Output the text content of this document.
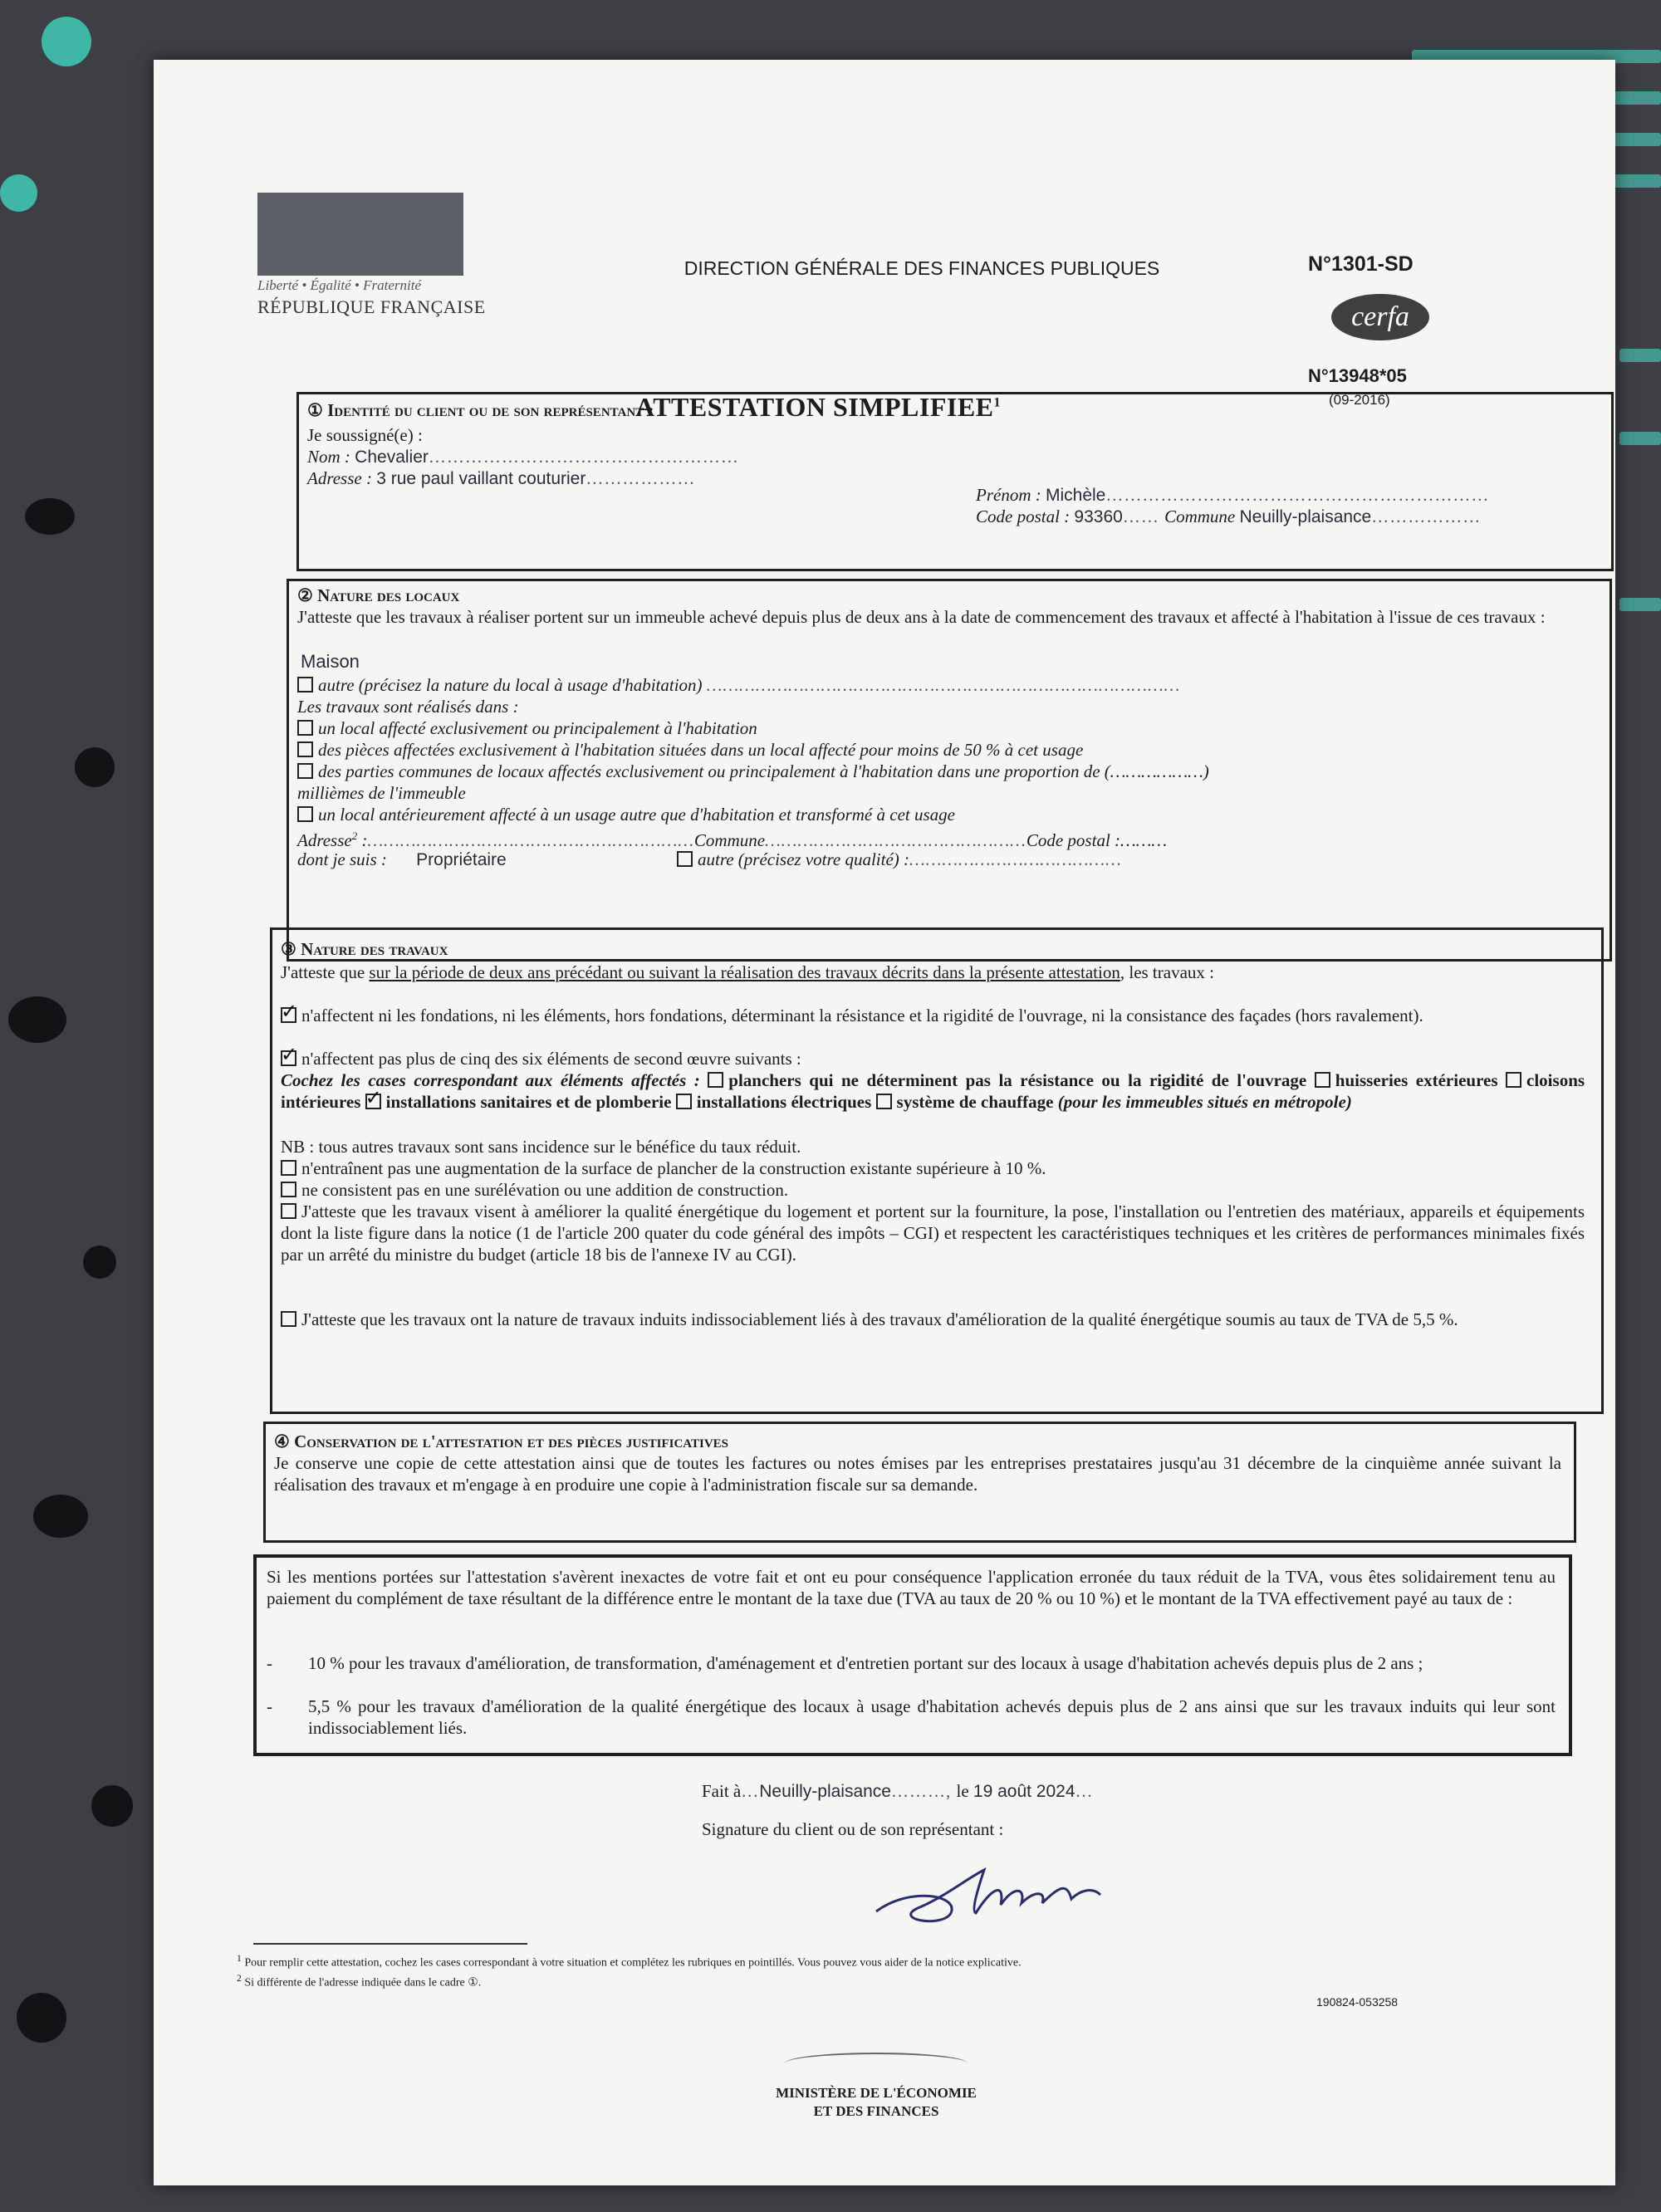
Liberté • Égalité • Fraternité
RÉPUBLIQUE FRANÇAISE
DIRECTION GÉNÉRALE DES FINANCES PUBLIQUES	N°1301-SD
cerfa
N°13948*05
(09-2016)
ATTESTATION SIMPLIFIEE$^1$
① Identité du client ou de son représentant :
Je soussigné(e) :
Nom : Chevalier……………………………………………
Adresse : 3 rue paul vaillant couturier………………
Prénom : Michèle………………………………………………………
Code postal : 93360…… Commune Neuilly-plaisance………………
② Nature des locaux
J'atteste que les travaux à réaliser portent sur un immeuble achevé depuis plus de deux ans à la date de commencement des travaux et affecté à l'habitation à l'issue de ces travaux :
Maison
autre (précisez la nature du local à usage d'habitation) ……………………………………………………………………………
Les travaux sont réalisés dans :
un local affecté exclusivement ou principalement à l'habitation
des pièces affectées exclusivement à l'habitation situées dans un local affecté pour moins de 50 % à cet usage
des parties communes de locaux affectés exclusivement ou principalement à l'habitation dans une proportion de (………………)
millièmes de l'immeuble
un local antérieurement affecté à un usage autre que d'habitation et transformé à cet usage
Adresse$^2$ :……………………………………………………Commune…………………………………………Code postal :………
dont je suis : Propriétaire	autre (précisez votre qualité) :…………………………………
③ Nature des travaux
J'atteste que sur la période de deux ans précédant ou suivant la réalisation des travaux décrits dans la présente attestation, les travaux :
✓n'affectent ni les fondations, ni les éléments, hors fondations, déterminant la résistance et la rigidité de l'ouvrage, ni la consistance des façades (hors ravalement).
✓n'affectent pas plus de cinq des six éléments de second œuvre suivants :
Cochez les cases correspondant aux éléments affectés : planchers qui ne déterminent pas la résistance ou la rigidité de l'ouvrage huisseries extérieures cloisons intérieures ✓ installations sanitaires et de plomberie installations électriques système de chauffage (pour les immeubles situés en métropole)
NB : tous autres travaux sont sans incidence sur le bénéfice du taux réduit.
n'entraînent pas une augmentation de la surface de plancher de la construction existante supérieure à 10 %.
ne consistent pas en une surélévation ou une addition de construction.
J'atteste que les travaux visent à améliorer la qualité énergétique du logement et portent sur la fourniture, la pose, l'installation ou l'entretien des matériaux, appareils et équipements dont la liste figure dans la notice (1 de l'article 200 quater du code général des impôts – CGI) et respectent les caractéristiques techniques et les critères de performances minimales fixés par un arrêté du ministre du budget (article 18 bis de l'annexe IV au CGI).
J'atteste que les travaux ont la nature de travaux induits indissociablement liés à des travaux d'amélioration de la qualité énergétique soumis au taux de TVA de 5,5 %.
④ Conservation de l'attestation et des pièces justificatives
Je conserve une copie de cette attestation ainsi que de toutes les factures ou notes émises par les entreprises prestataires jusqu'au 31 décembre de la cinquième année suivant la réalisation des travaux et m'engage à en produire une copie à l'administration fiscale sur sa demande.
Si les mentions portées sur l'attestation s'avèrent inexactes de votre fait et ont eu pour conséquence l'application erronée du taux réduit de la TVA, vous êtes solidairement tenu au paiement du complément de taxe résultant de la différence entre le montant de la taxe due (TVA au taux de 20 % ou 10 %) et le montant de la TVA effectivement payé au taux de :
- 10 % pour les travaux d'amélioration, de transformation, d'aménagement et d'entretien portant sur des locaux à usage d'habitation achevés depuis plus de 2 ans ;
- 5,5 % pour les travaux d'amélioration de la qualité énergétique des locaux à usage d'habitation achevés depuis plus de 2 ans ainsi que sur les travaux induits qui leur sont indissociablement liés.
Fait à…Neuilly-plaisance………, le 19 août 2024…
Signature du client ou de son représentant :
$^1$ Pour remplir cette attestation, cochez les cases correspondant à votre situation et complétez les rubriques en pointillés. Vous pouvez vous aider de la notice explicative.
$^2$ Si différente de l'adresse indiquée dans le cadre ①.
190824-053258
MINISTÈRE DE L'ÉCONOMIE
ET DES FINANCES
